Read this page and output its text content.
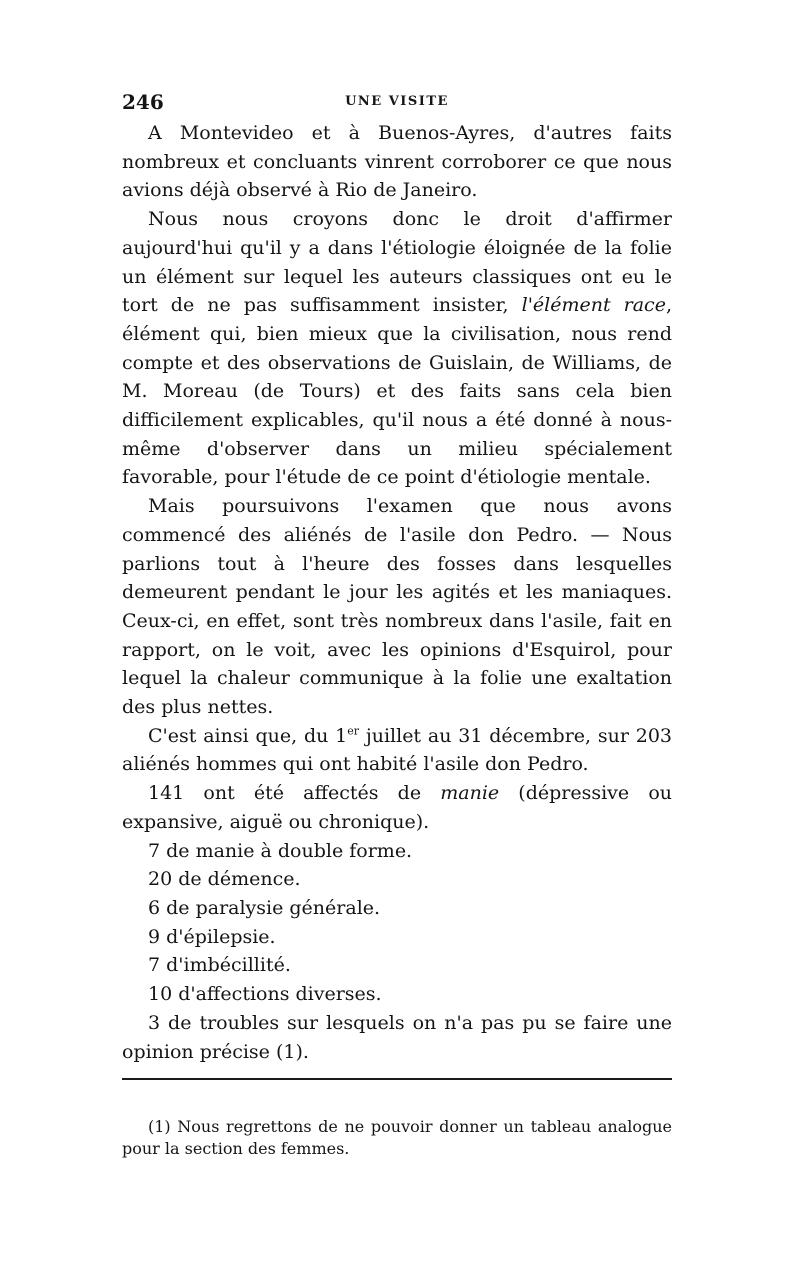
246	UNE VISITE

A Montevideo et à Buenos-Ayres, d'autres faits nombreux et concluants vinrent corroborer ce que nous avions déjà observé à Rio de Janeiro.

Nous nous croyons donc le droit d'affirmer aujourd'hui qu'il y a dans l'étiologie éloignée de la folie un élément sur lequel les auteurs classiques ont eu le tort de ne pas suffisamment insister, l'élément race, élément qui, bien mieux que la civilisation, nous rend compte et des observations de Guislain, de Williams, de M. Moreau (de Tours) et des faits sans cela bien difficilement explicables, qu'il nous a été donné à nous-même d'observer dans un milieu spécialement favorable, pour l'étude de ce point d'étiologie mentale.

Mais poursuivons l'examen que nous avons commencé des aliénés de l'asile don Pedro. — Nous parlions tout à l'heure des fosses dans lesquelles demeurent pendant le jour les agités et les maniaques. Ceux-ci, en effet, sont très nombreux dans l'asile, fait en rapport, on le voit, avec les opinions d'Esquirol, pour lequel la chaleur communique à la folie une exaltation des plus nettes.

C'est ainsi que, du 1er juillet au 31 décembre, sur 203 aliénés hommes qui ont habité l'asile don Pedro.

141 ont été affectés de manie (dépressive ou expansive, aiguë ou chronique).

7 de manie à double forme.

20 de démence.

6 de paralysie générale.

9 d'épilepsie.

7 d'imbécillité.

10 d'affections diverses.

3 de troubles sur lesquels on n'a pas pu se faire une opinion précise (1).

(1) Nous regrettons de ne pouvoir donner un tableau analogue pour la section des femmes.
